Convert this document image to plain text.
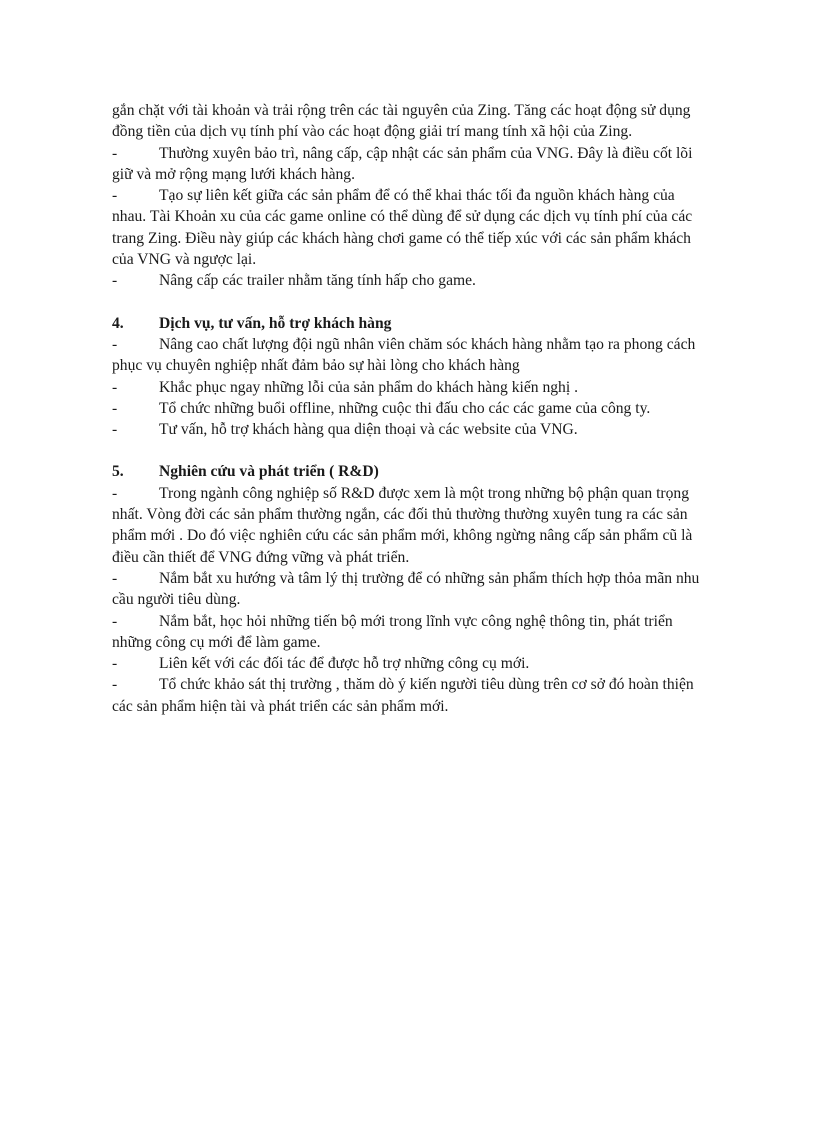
gắn chặt với tài khoản và trải rộng trên các tài nguyên của Zing. Tăng các hoạt động sử dụng đồng tiền của dịch vụ tính phí vào các hoạt động giải trí mang tính xã hội của Zing.

-	Thường xuyên bảo trì, nâng cấp, cập nhật các sản phẩm của VNG. Đây là điều cốt lõi giữ và mở rộng mạng lưới khách hàng.

-	Tạo sự liên kết giữa các sản phẩm để có thể khai thác tối đa nguồn khách hàng của nhau. Tài Khoản xu của các game online có thể dùng để sử dụng các dịch vụ tính phí của các trang Zing. Điều này giúp các khách hàng chơi game có thể tiếp xúc với các sản phẩm khách của VNG và ngược lại.

-	Nâng cấp các trailer nhằm tăng tính hấp cho game.

4. Dịch vụ, tư vấn, hỗ trợ khách hàng

-	Nâng cao chất lượng đội ngũ nhân viên chăm sóc khách hàng nhằm tạo ra phong cách phục vụ chuyên nghiệp nhất đảm bảo sự hài lòng cho khách hàng

-	Khắc phục ngay những lỗi của sản phẩm do khách hàng kiến nghị .

-	Tổ chức những buổi offline, những cuộc thi đấu cho các các game của công ty.

-	Tư vấn, hỗ trợ khách hàng qua diện thoại và các website của VNG.

5. Nghiên cứu và phát triển ( R&D)

-	Trong ngành công nghiệp số R&D được xem là một trong những bộ phận quan trọng nhất. Vòng đời các sản phẩm thường ngắn, các đối thủ thường thường xuyên tung ra các sản phẩm mới . Do đó việc nghiên cứu các sản phẩm mới, không ngừng nâng cấp sản phẩm cũ là điều cần thiết để VNG đứng vững và phát triển.

-	Nắm bắt xu hướng và tâm lý thị trường để có những sản phẩm thích hợp thỏa mãn nhu cầu người tiêu dùng.

-	Nắm bắt, học hỏi những tiến bộ mới trong lĩnh vực công nghệ thông tin, phát triển những công cụ mới để làm game.

-	Liên kết với các đối tác để được hỗ trợ những công cụ mới.

-	Tổ chức khảo sát thị trường , thăm dò ý kiến người tiêu dùng trên cơ sở đó hoàn thiện các sản phẩm hiện tài và phát triển các sản phẩm mới.
